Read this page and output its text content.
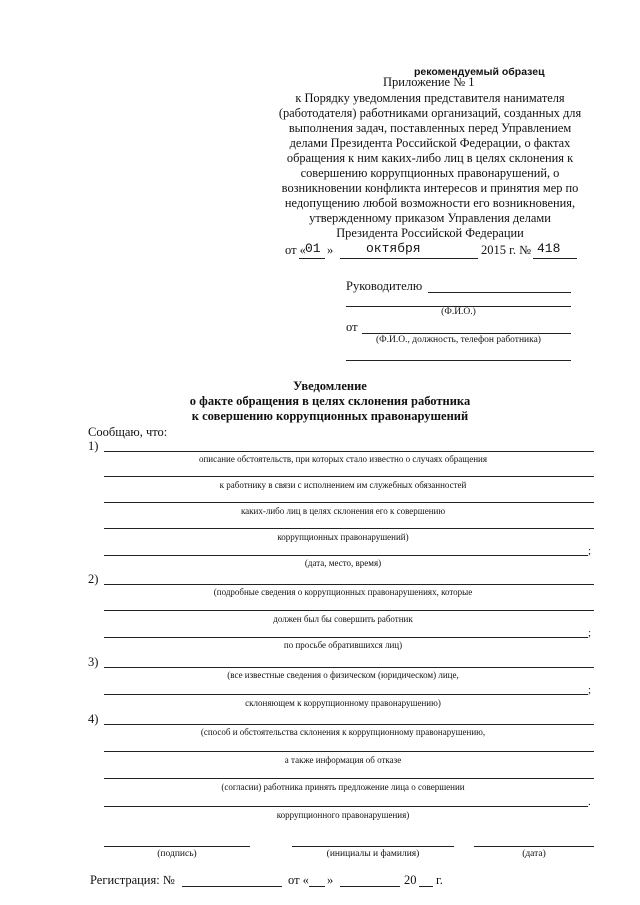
рекомендуемый образец
Приложение № 1
к Порядку уведомления представителя нанимателя
(работодателя) работниками организаций, созданных для
выполнения задач, поставленных перед Управлением
делами Президента Российской Федерации, о фактах
обращения к ним каких-либо лиц в целях склонения к
совершению коррупционных правонарушений, о
возникновении конфликта интересов и принятия мер по
недопущению любой возможности его возникновения,
утвержденному приказом Управления делами
Президента Российской Федерации
от « 01 »	октября	2015 г. № 418
Руководителю
(Ф.И.О.)
от
(Ф.И.О., должность, телефон работника)
Уведомление
о факте обращения в целях склонения работника
к совершению коррупционных правонарушений
Сообщаю, что:
1)
описание обстоятельств, при которых стало известно о случаях обращения
к работнику в связи с исполнением им служебных обязанностей
каких-либо лиц в целях склонения его к совершению
коррупционных правонарушений)
;
(дата, место, время)
2)
(подробные сведения о коррупционных правонарушениях, которые
должен был бы совершить работник
;
по просьбе обратившихся лиц)
3)
(все известные сведения о физическом (юридическом) лице,
;
склоняющем к коррупционному правонарушению)
4)
(способ и обстоятельства склонения к коррупционному правонарушению,
а также информация об отказе
(согласии) работника принять предложение лица о совершении
.
коррупционного правонарушения)
(подпись)	(инициалы и фамилия)	(дата)
Регистрация: №	от « »	20 г.
